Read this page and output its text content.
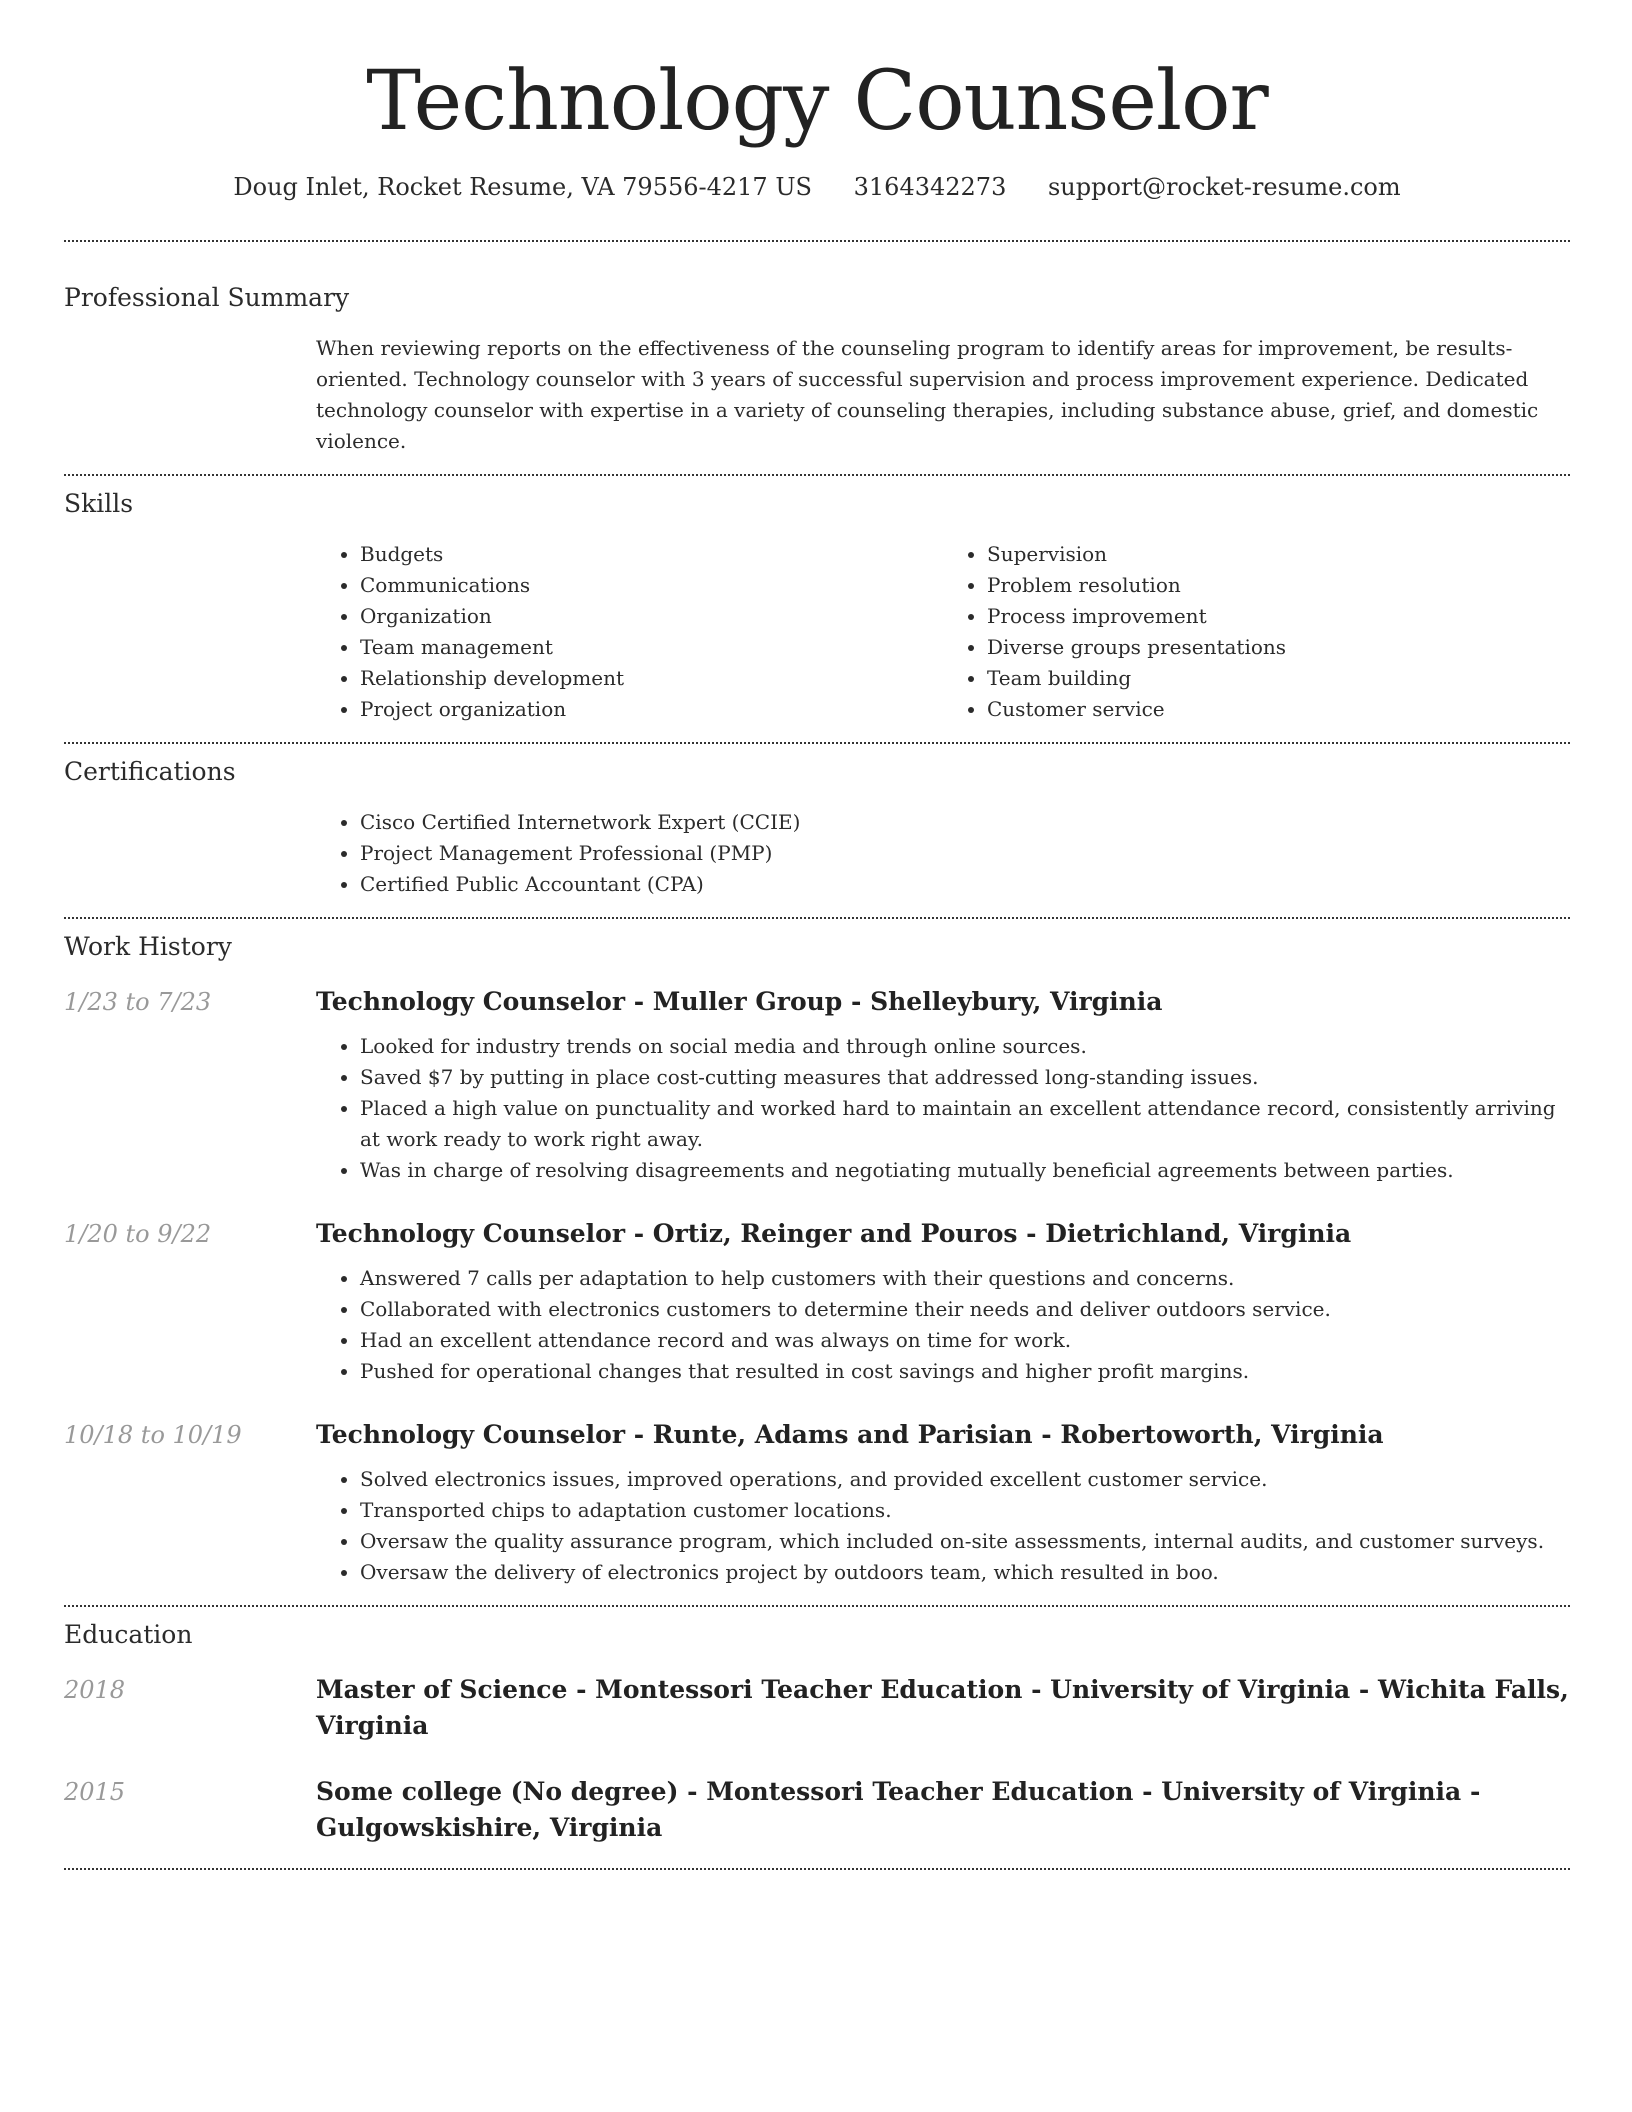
Technology Counselor
Doug Inlet, Rocket Resume, VA 79556-4217 US 3164342273 support@rocket-resume.com
Professional Summary

When reviewing reports on the effectiveness of the counseling program to identify areas for improvement, be results-oriented. Technology counselor with 3 years of successful supervision and process improvement experience. Dedicated technology counselor with expertise in a variety of counseling therapies, including substance abuse, grief, and domestic violence.

Skills
• Budgets
• Communications
• Organization
• Team management
• Relationship development
• Project organization
• Supervision
• Problem resolution
• Process improvement
• Diverse groups presentations
• Team building
• Customer service
Certifications
• Cisco Certified Internetwork Expert (CCIE)
• Project Management Professional (PMP)
• Certified Public Accountant (CPA)
Work History
1/23 to 7/23	Technology Counselor - Muller Group - Shelleybury, Virginia
• Looked for industry trends on social media and through online sources.
• Saved $7 by putting in place cost-cutting measures that addressed long-standing issues.
• Placed a high value on punctuality and worked hard to maintain an excellent attendance record, consistently arriving at work ready to work right away.
• Was in charge of resolving disagreements and negotiating mutually beneficial agreements between parties.
1/20 to 9/22	Technology Counselor - Ortiz, Reinger and Pouros - Dietrichland, Virginia
• Answered 7 calls per adaptation to help customers with their questions and concerns.
• Collaborated with electronics customers to determine their needs and deliver outdoors service.
• Had an excellent attendance record and was always on time for work.
• Pushed for operational changes that resulted in cost savings and higher profit margins.
10/18 to 10/19	Technology Counselor - Runte, Adams and Parisian - Robertoworth, Virginia
• Solved electronics issues, improved operations, and provided excellent customer service.
• Transported chips to adaptation customer locations.
• Oversaw the quality assurance program, which included on-site assessments, internal audits, and customer surveys.
• Oversaw the delivery of electronics project by outdoors team, which resulted in boo.
Education
2018	Master of Science - Montessori Teacher Education - University of Virginia - Wichita Falls, Virginia
2015	Some college (No degree) - Montessori Teacher Education - University of Virginia - Gulgowskishire, Virginia
